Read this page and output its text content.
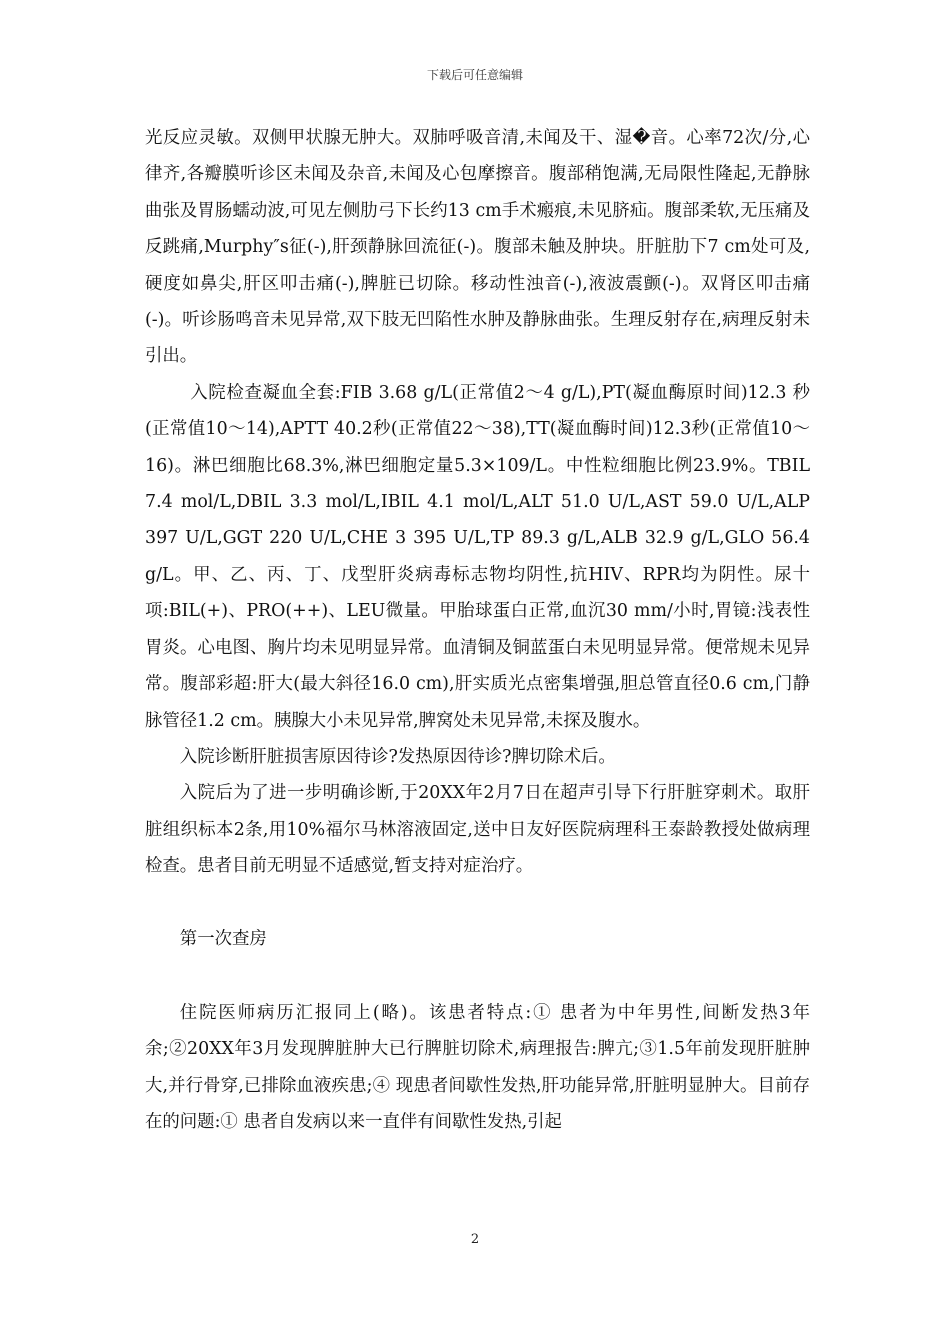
下载后可任意编辑

光反应灵敏。双侧甲状腺无肿大。双肺呼吸音清,未闻及干、湿�音。心率72次/分,心律齐,各瓣膜听诊区未闻及杂音,未闻及心包摩擦音。腹部稍饱满,无局限性隆起,无静脉曲张及胃肠蠕动波,可见左侧肋弓下长约13 cm手术瘢痕,未见脐疝。腹部柔软,无压痛及反跳痛,Murphy″s征(-),肝颈静脉回流征(-)。腹部未触及肿块。肝脏肋下7 cm处可及,硬度如鼻尖,肝区叩击痛(-),脾脏已切除。移动性浊音(-),液波震颤(-)。双肾区叩击痛(-)。听诊肠鸣音未见异常,双下肢无凹陷性水肿及静脉曲张。生理反射存在,病理反射未引出。

入院检查凝血全套:FIB 3.68 g/L(正常值2～4 g/L),PT(凝血酶原时间)12.3 秒(正常值10～14),APTT 40.2秒(正常值22～38),TT(凝血酶时间)12.3秒(正常值10～16)。淋巴细胞比68.3%,淋巴细胞定量5.3×109/L。中性粒细胞比例23.9%。TBIL 7.4 mol/L,DBIL 3.3 mol/L,IBIL 4.1 mol/L,ALT 51.0 U/L,AST 59.0 U/L,ALP 397 U/L,GGT 220 U/L,CHE 3 395 U/L,TP 89.3 g/L,ALB 32.9 g/L,GLO 56.4 g/L。甲、乙、丙、丁、戊型肝炎病毒标志物均阴性,抗HIV、RPR均为阴性。尿十项:BIL(+)、PRO(++)、LEU微量。甲胎球蛋白正常,血沉30 mm/小时,胃镜:浅表性胃炎。心电图、胸片均未见明显异常。血清铜及铜蓝蛋白未见明显异常。便常规未见异常。腹部彩超:肝大(最大斜径16.0 cm),肝实质光点密集增强,胆总管直径0.6 cm,门静脉管径1.2 cm。胰腺大小未见异常,脾窝处未见异常,未探及腹水。

入院诊断肝脏损害原因待诊?发热原因待诊?脾切除术后。

入院后为了进一步明确诊断,于20XX年2月7日在超声引导下行肝脏穿刺术。取肝脏组织标本2条,用10%福尔马林溶液固定,送中日友好医院病理科王泰龄教授处做病理检查。患者目前无明显不适感觉,暂支持对症治疗。

第一次查房

住院医师病历汇报同上(略)。该患者特点:① 患者为中年男性,间断发热3年余;②20XX年3月发现脾脏肿大已行脾脏切除术,病理报告:脾亢;③1.5年前发现肝脏肿大,并行骨穿,已排除血液疾患;④ 现患者间歇性发热,肝功能异常,肝脏明显肿大。目前存在的问题:① 患者自发病以来一直伴有间歇性发热,引起

2
